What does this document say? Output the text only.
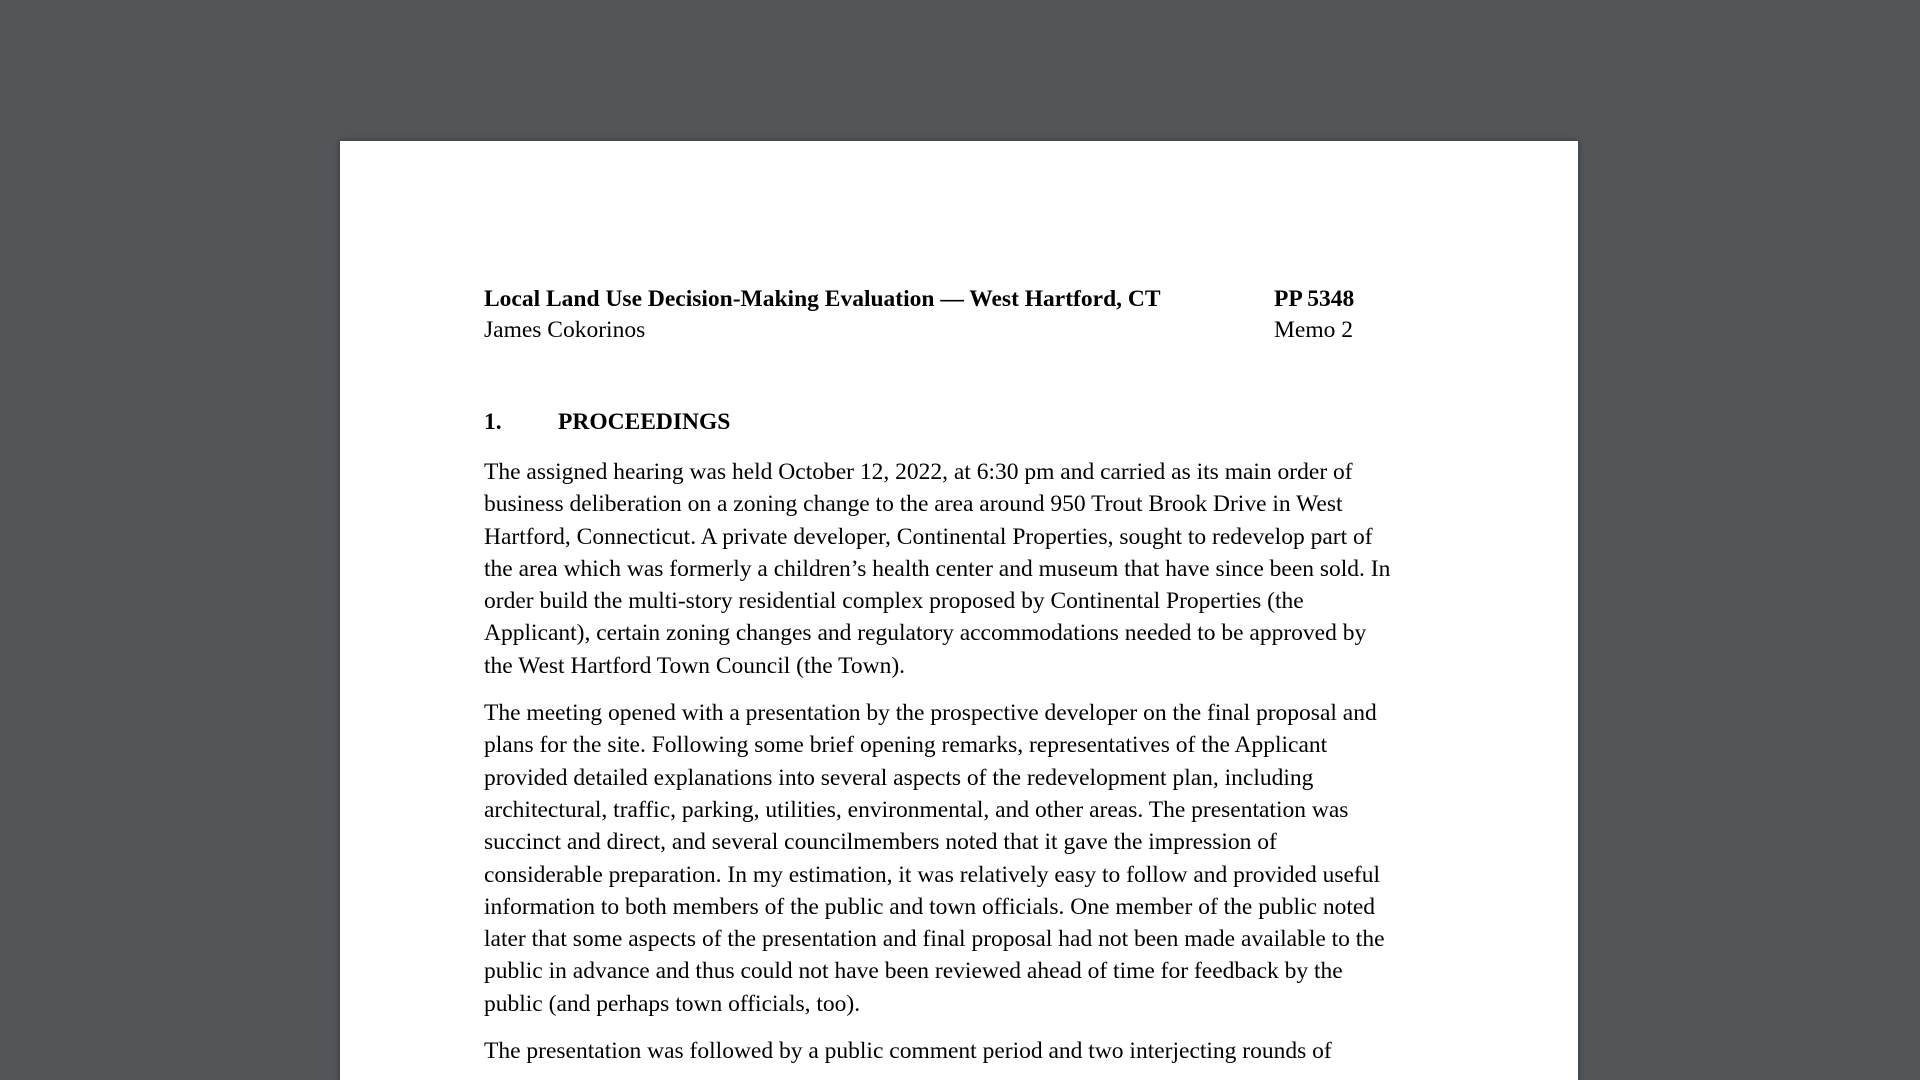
Local Land Use Decision-Making Evaluation — West Hartford, CT
James Cokorinos
PP 5348
Memo 2
1.	PROCEEDINGS

The assigned hearing was held October 12, 2022, at 6:30 pm and carried as its main order of
business deliberation on a zoning change to the area around 950 Trout Brook Drive in West
Hartford, Connecticut. A private developer, Continental Properties, sought to redevelop part of
the area which was formerly a children’s health center and museum that have since been sold. In
order build the multi-story residential complex proposed by Continental Properties (the
Applicant), certain zoning changes and regulatory accommodations needed to be approved by
the West Hartford Town Council (the Town).

The meeting opened with a presentation by the prospective developer on the final proposal and
plans for the site. Following some brief opening remarks, representatives of the Applicant
provided detailed explanations into several aspects of the redevelopment plan, including
architectural, traffic, parking, utilities, environmental, and other areas. The presentation was
succinct and direct, and several councilmembers noted that it gave the impression of
considerable preparation. In my estimation, it was relatively easy to follow and provided useful
information to both members of the public and town officials. One member of the public noted
later that some aspects of the presentation and final proposal had not been made available to the
public in advance and thus could not have been reviewed ahead of time for feedback by the
public (and perhaps town officials, too).

The presentation was followed by a public comment period and two interjecting rounds of
